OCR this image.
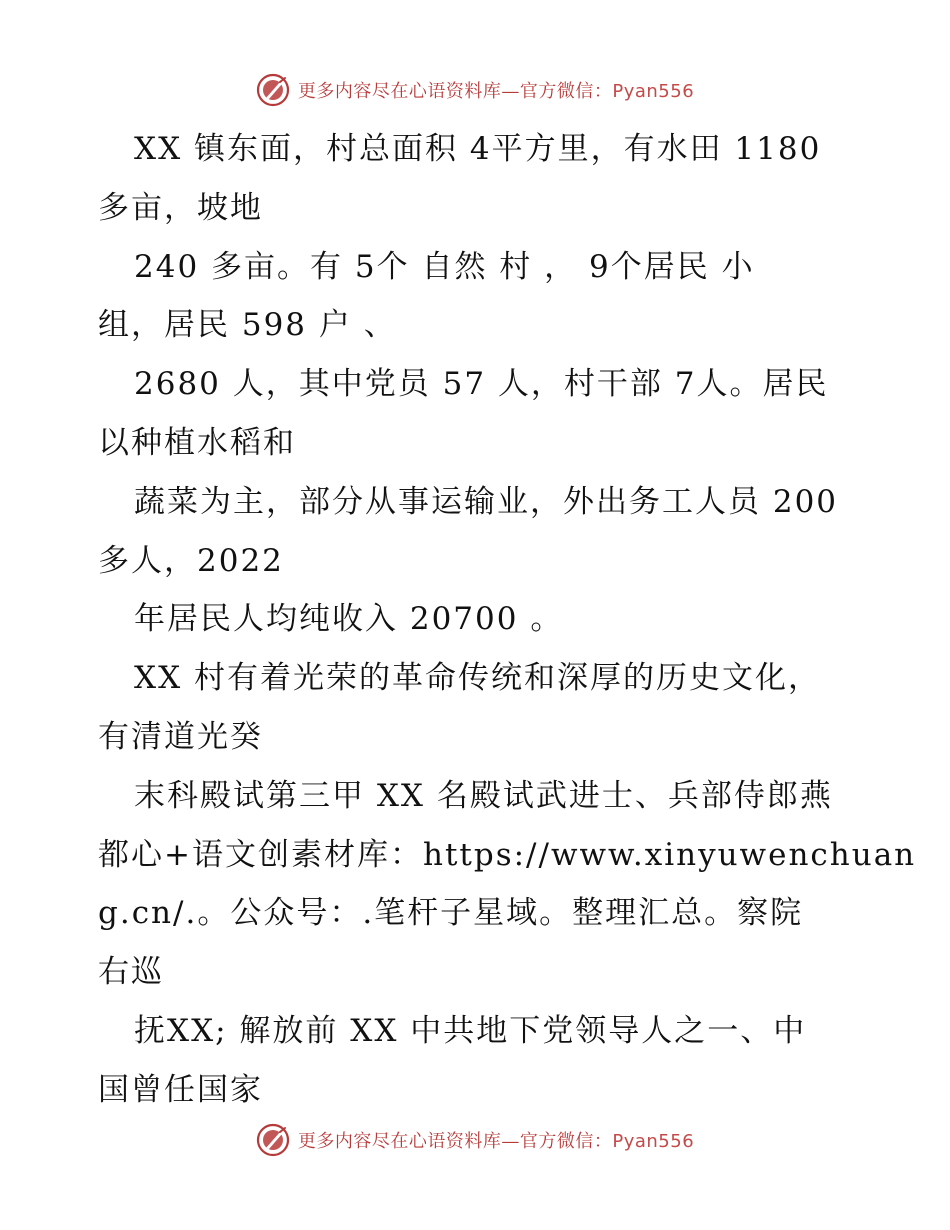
更多内容尽在心语资料库—官方微信：Pyan556
XX 镇东面，村总面积 4平方里，有水田 1180
多亩，坡地
240 多亩。有 5个 自然 村 ， 9个居民 小
组，居民 598 户 、
2680 人，其中党员 57 人，村干部 7人。居民
以种植水稻和
蔬菜为主，部分从事运输业，外出务工人员 200
多人，2022
年居民人均纯收入 20700 。
XX 村有着光荣的革命传统和深厚的历史文化，
有清道光癸
末科殿试第三甲 XX 名殿试武进士、兵部侍郎燕
都心+语文创素材库：https://www.xinyuwenchuan
g.cn/.。公众号：.笔杆子星域。整理汇总。察院
右巡
抚XX; 解放前 XX 中共地下党领导人之一、中
国曾任国家
更多内容尽在心语资料库—官方微信：Pyan556
